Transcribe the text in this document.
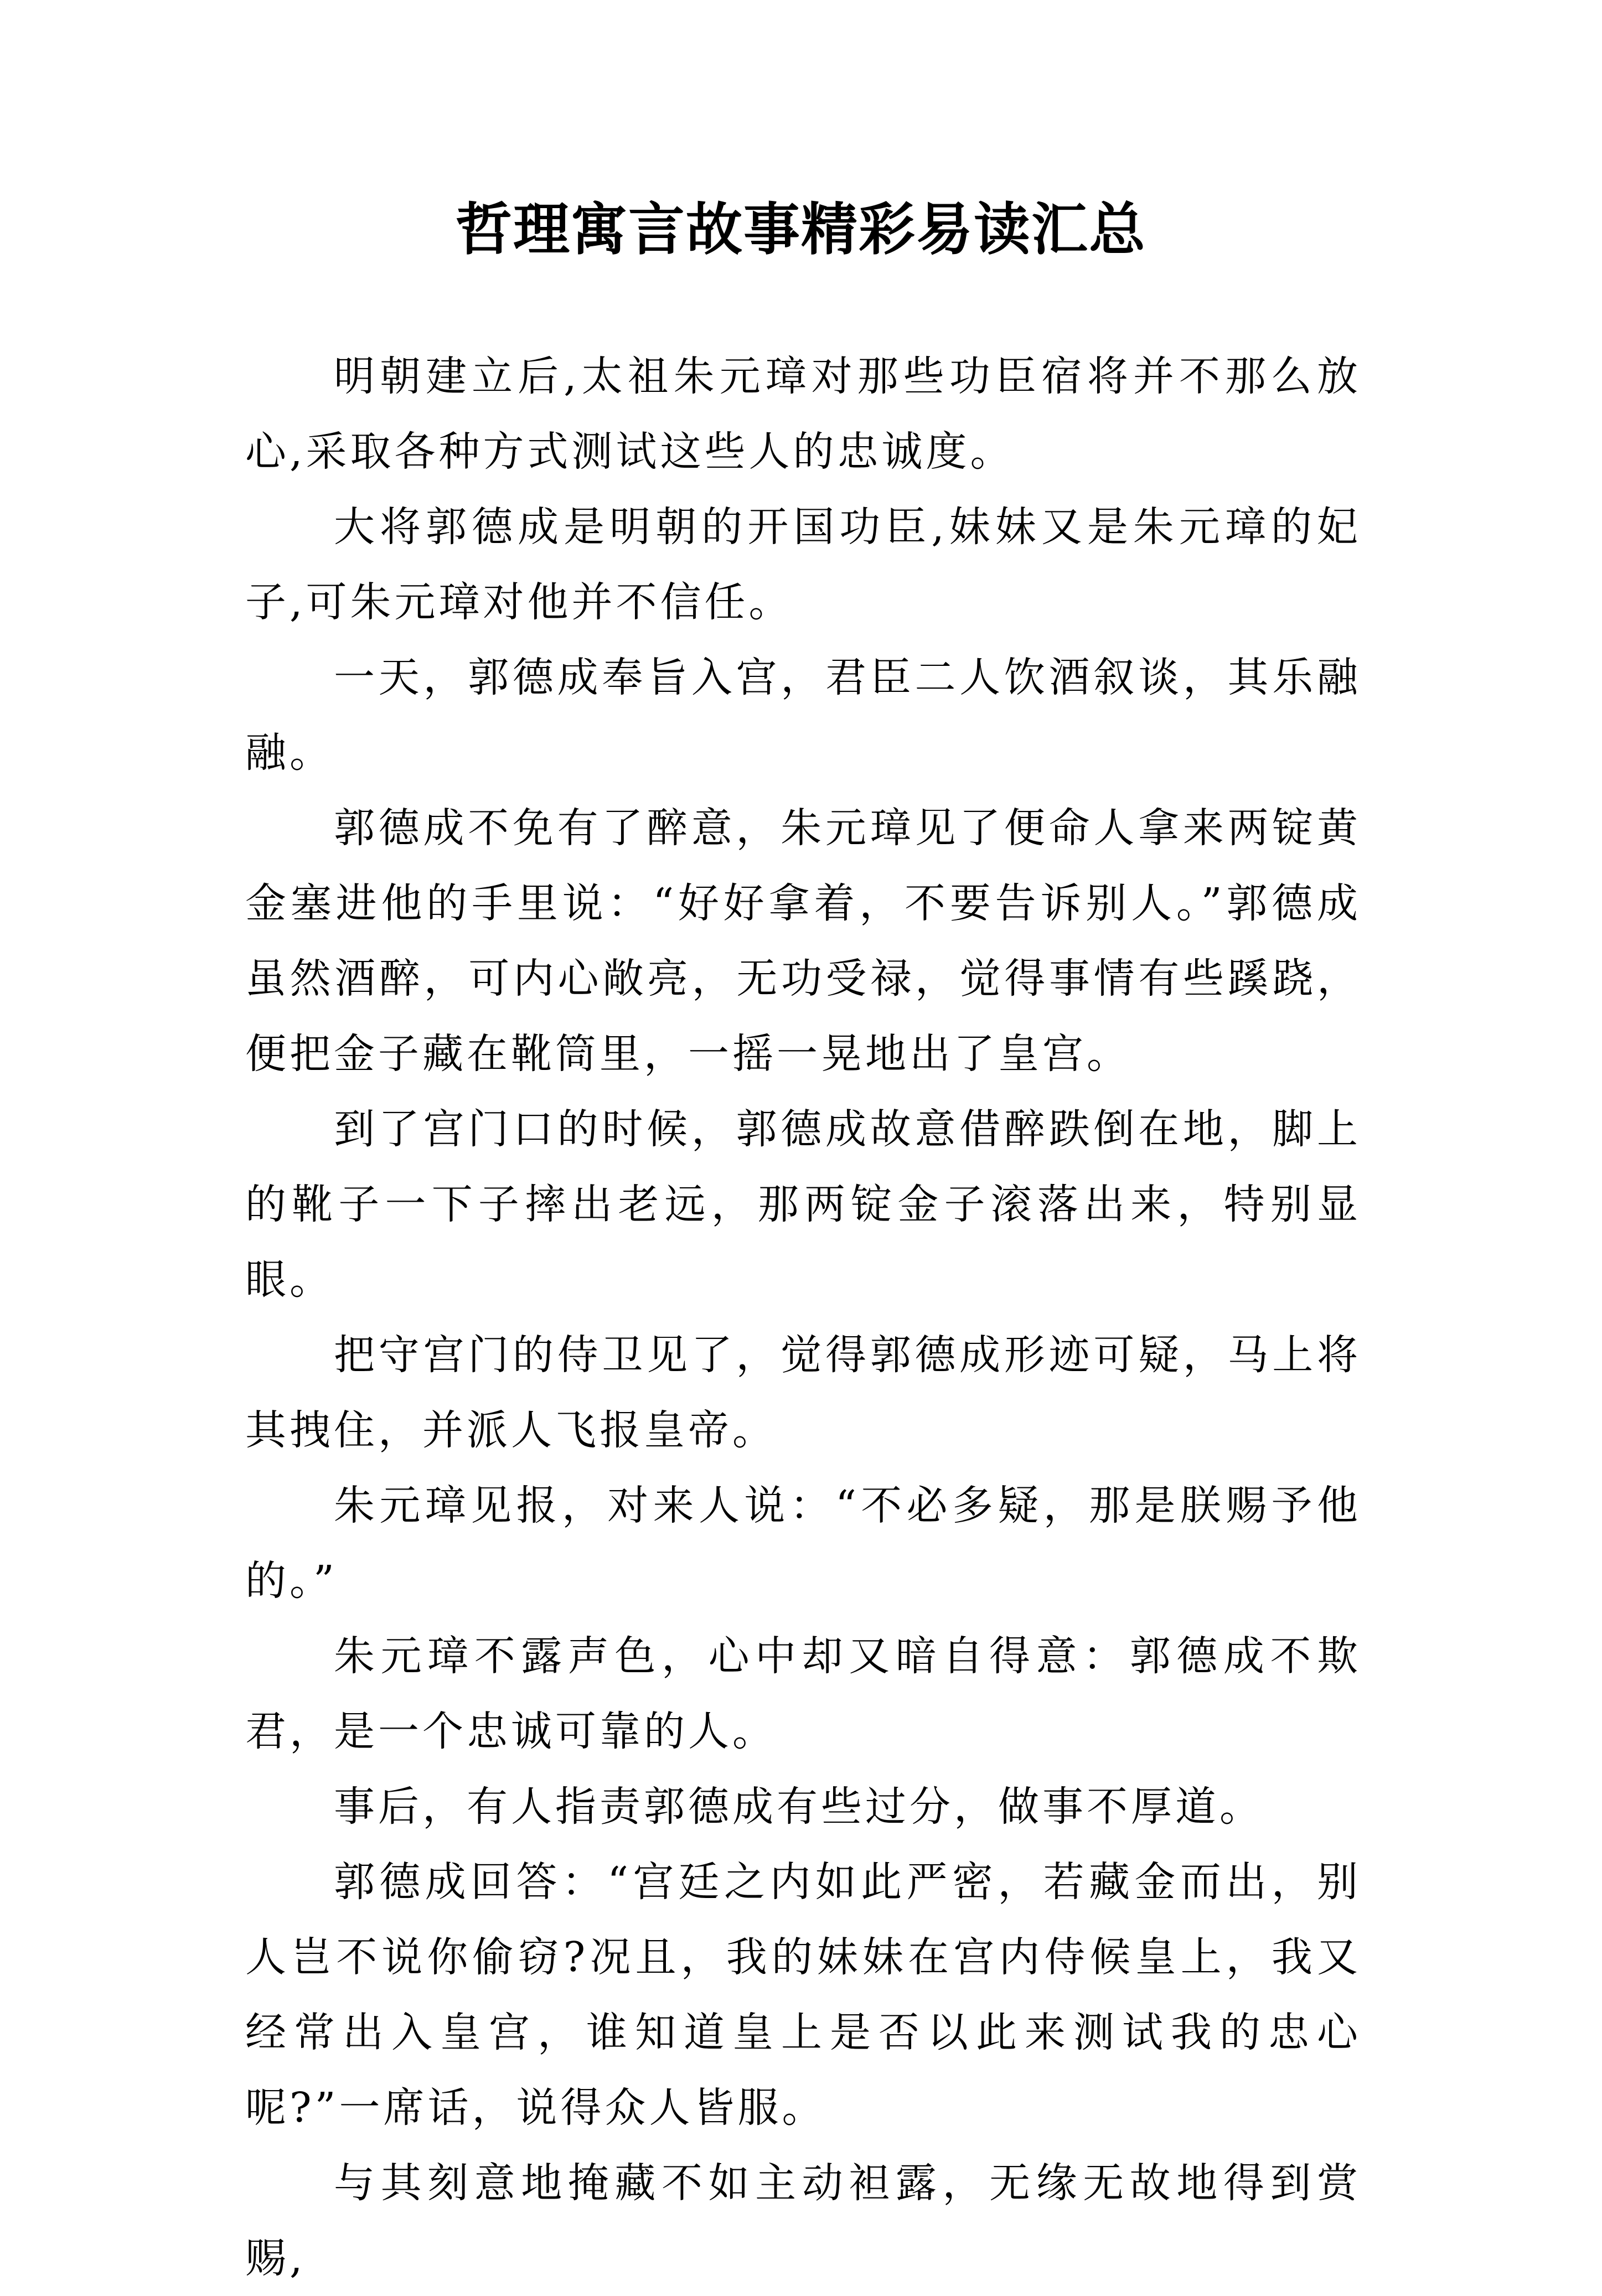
哲理寓言故事精彩易读汇总

明朝建立后,太祖朱元璋对那些功臣宿将并不那么放心,采取各种方式测试这些人的忠诚度。

大将郭德成是明朝的开国功臣,妹妹又是朱元璋的妃子,可朱元璋对他并不信任。

一天，郭德成奉旨入宫，君臣二人饮酒叙谈，其乐融融。

郭德成不免有了醉意，朱元璋见了便命人拿来两锭黄金塞进他的手里说：“好好拿着，不要告诉别人。”郭德成虽然酒醉，可内心敞亮，无功受禄，觉得事情有些蹊跷，便把金子藏在靴筒里，一摇一晃地出了皇宫。

到了宫门口的时候，郭德成故意借醉跌倒在地，脚上的靴子一下子摔出老远，那两锭金子滚落出来，特别显眼。

把守宫门的侍卫见了，觉得郭德成形迹可疑，马上将其拽住，并派人飞报皇帝。

朱元璋见报，对来人说：“不必多疑，那是朕赐予他的。”

朱元璋不露声色，心中却又暗自得意：郭德成不欺君，是一个忠诚可靠的人。

事后，有人指责郭德成有些过分，做事不厚道。

郭德成回答：“宫廷之内如此严密，若藏金而出，别人岂不说你偷窃?况且，我的妹妹在宫内侍候皇上，我又经常出入皇宫，谁知道皇上是否以此来测试我的忠心呢?”一席话，说得众人皆服。

与其刻意地掩藏不如主动袒露，无缘无故地得到赏赐,
